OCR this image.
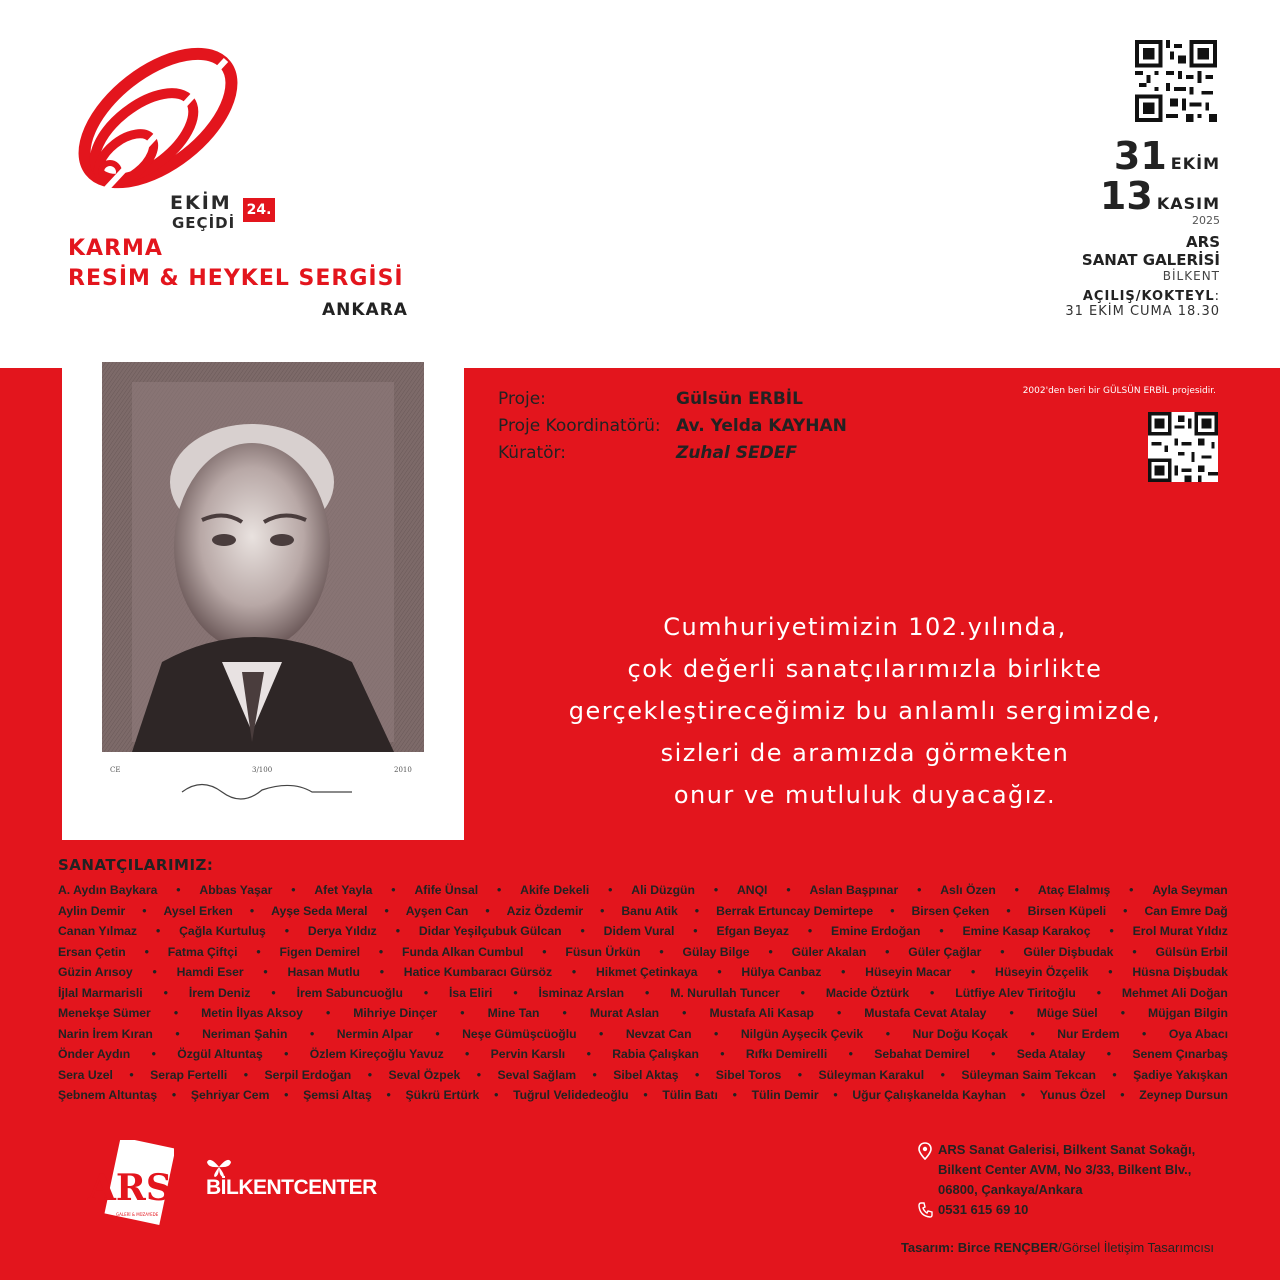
EKİM
GEÇİDİ
24.
KARMA
RESİM & HEYKEL SERGİSİ
ANKARA
31 EKİM
13 KASIM
2025
ARS
SANAT GALERİSİ
BİLKENT
AÇILIŞ/KOKTEYL:
31 EKİM CUMA 18.30
CE	3/100	2010
Proje:	Gülsün ERBİL
Proje Koordinatörü: Av. Yelda KAYHAN
Küratör:	Zuhal SEDEF
2002'den beri bir GÜLSÜN ERBİL projesidir.
Cumhuriyetimizin 102.yılında,
çok değerli sanatçılarımızla birlikte
gerçekleştireceğimiz bu anlamlı sergimizde,
sizleri de aramızda görmekten
onur ve mutluluk duyacağız.
SANATÇILARIMIZ:
A. Aydın Baykara • Abbas Yaşar • Afet Yayla • Afife Ünsal • Akife Dekeli • Ali Düzgün • ANQI • Aslan Başpınar • Aslı Özen • Ataç Elalmış • Ayla Seyman
Aylin Demir • Aysel Erken • Ayşe Seda Meral • Ayşen Can • Aziz Özdemir • Banu Atik • Berrak Ertuncay Demirtepe • Birsen Çeken • Birsen Küpeli • Can Emre Dağ
Canan Yılmaz • Çağla Kurtuluş • Derya Yıldız • Didar Yeşilçubuk Gülcan • Didem Vural • Efgan Beyaz • Emine Erdoğan • Emine Kasap Karakoç • Erol Murat Yıldız
Ersan Çetin • Fatma Çiftçi • Figen Demirel • Funda Alkan Cumbul • Füsun Ürkün • Gülay Bilge • Güler Akalan • Güler Çağlar • Güler Dişbudak • Gülsün Erbil
Güzin Arısoy • Hamdi Eser • Hasan Mutlu • Hatice Kumbaracı Gürsöz • Hikmet Çetinkaya • Hülya Canbaz • Hüseyin Macar • Hüseyin Özçelik • Hüsna Dişbudak
İjlal Marmarisli • İrem Deniz • İrem Sabuncuoğlu • İsa Eliri • İsminaz Arslan • M. Nurullah Tuncer • Macide Öztürk • Lütfiye Alev Tiritoğlu • Mehmet Ali Doğan
Menekşe Sümer • Metin İlyas Aksoy • Mihriye Dinçer • Mine Tan • Murat Aslan • Mustafa Ali Kasap • Mustafa Cevat Atalay • Müge Süel • Müjgan Bilgin
Narin İrem Kıran • Neriman Şahin • Nermin Alpar • Neşe Gümüşcüoğlu • Nevzat Can • Nilgün Ayşecik Çevik • Nur Doğu Koçak • Nur Erdem • Oya Abacı
Önder Aydın • Özgül Altuntaş • Özlem Kireçoğlu Yavuz • Pervin Karslı • Rabia Çalışkan • Rıfkı Demirelli • Sebahat Demirel • Seda Atalay • Senem Çınarbaş
Sera Uzel • Serap Fertelli • Serpil Erdoğan • Seval Özpek • Seval Sağlam • Sibel Aktaş • Sibel Toros • Süleyman Karakul • Süleyman Saim Tekcan • Şadiye Yakışkan
Şebnem Altuntaş • Şehriyar Cem • Şemsi Altaş • Şükrü Ertürk • Tuğrul Velidedeoğlu • Tülin Batı • Tülin Demir • Uğur Çalışkanelda Kayhan • Yunus Özel • Zeynep Dursun
ARS
GALERİ & MÜZAYEDE
BİLKENTCENTER
ARS Sanat Galerisi, Bilkent Sanat Sokağı,
Bilkent Center AVM, No 3/33, Bilkent Blv.,
06800, Çankaya/Ankara
0531 615 69 10
Tasarım: Birce RENÇBER/Görsel İletişim Tasarımcısı
